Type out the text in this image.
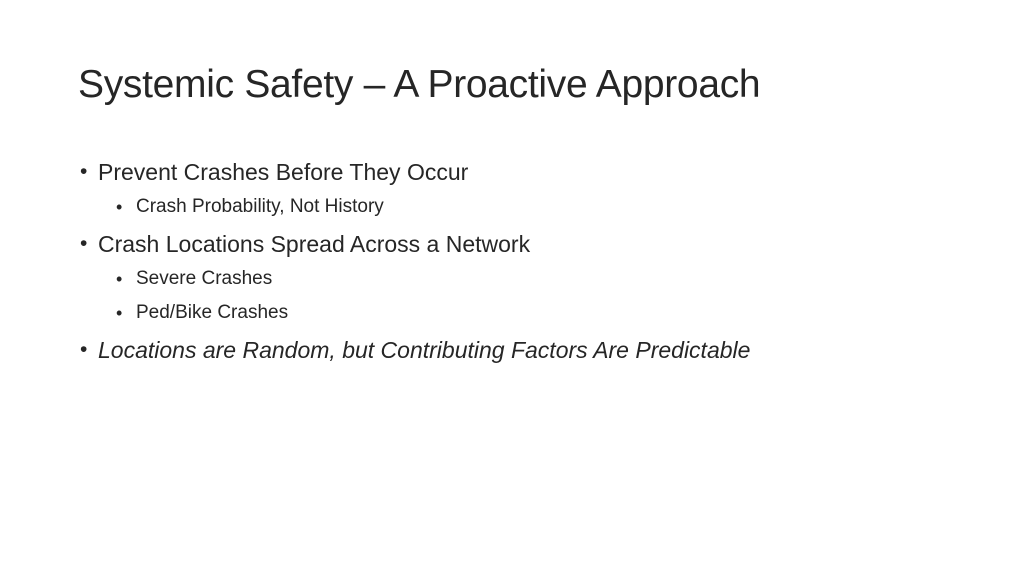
Systemic Safety – A Proactive Approach
• Prevent Crashes Before They Occur
• Crash Probability, Not History
• Crash Locations Spread Across a Network
• Severe Crashes
• Ped/Bike Crashes
• Locations are Random, but Contributing Factors Are Predictable
